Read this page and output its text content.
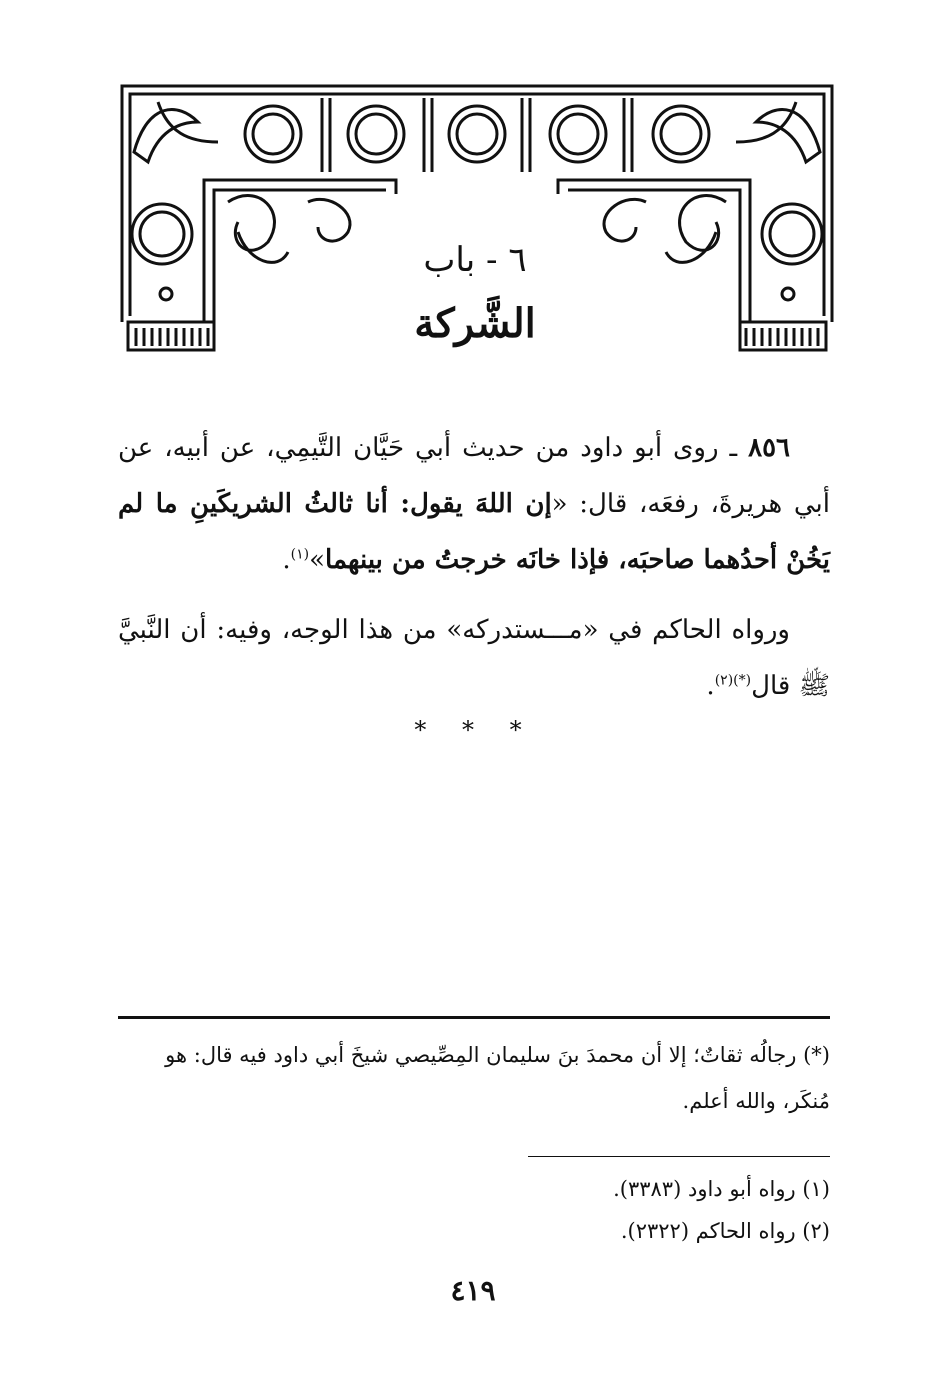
٦ - باب
الشَّركة

٨٥٦ ـ روى أبو داود من حديث أبي حَيَّان التَّيمِي، عن أبيه، عن أبي هريرةَ، رفعَه، قال: «إن اللهَ يقول: أنا ثالثُ الشريكَينِ ما لم يَخُنْ أحدُهما صاحبَه، فإذا خانَه خرجتُ من بينهما»$^{(١)}$.

ورواه الحاكم في «مـــستدركه» من هذا الوجه، وفيه: أن النَّبيَّ ﷺ قال$^{(*)(٢)}$.

* * *
(*) رجالُه ثقاتٌ؛ إلا أن محمدَ بنَ سليمان المِصِّيصي شيخَ أبي داود فيه قال: هو مُنكَر، والله أعلم.
(١) رواه أبو داود (٣٣٨٣).
(٢) رواه الحاكم (٢٣٢٢).
٤١٩
